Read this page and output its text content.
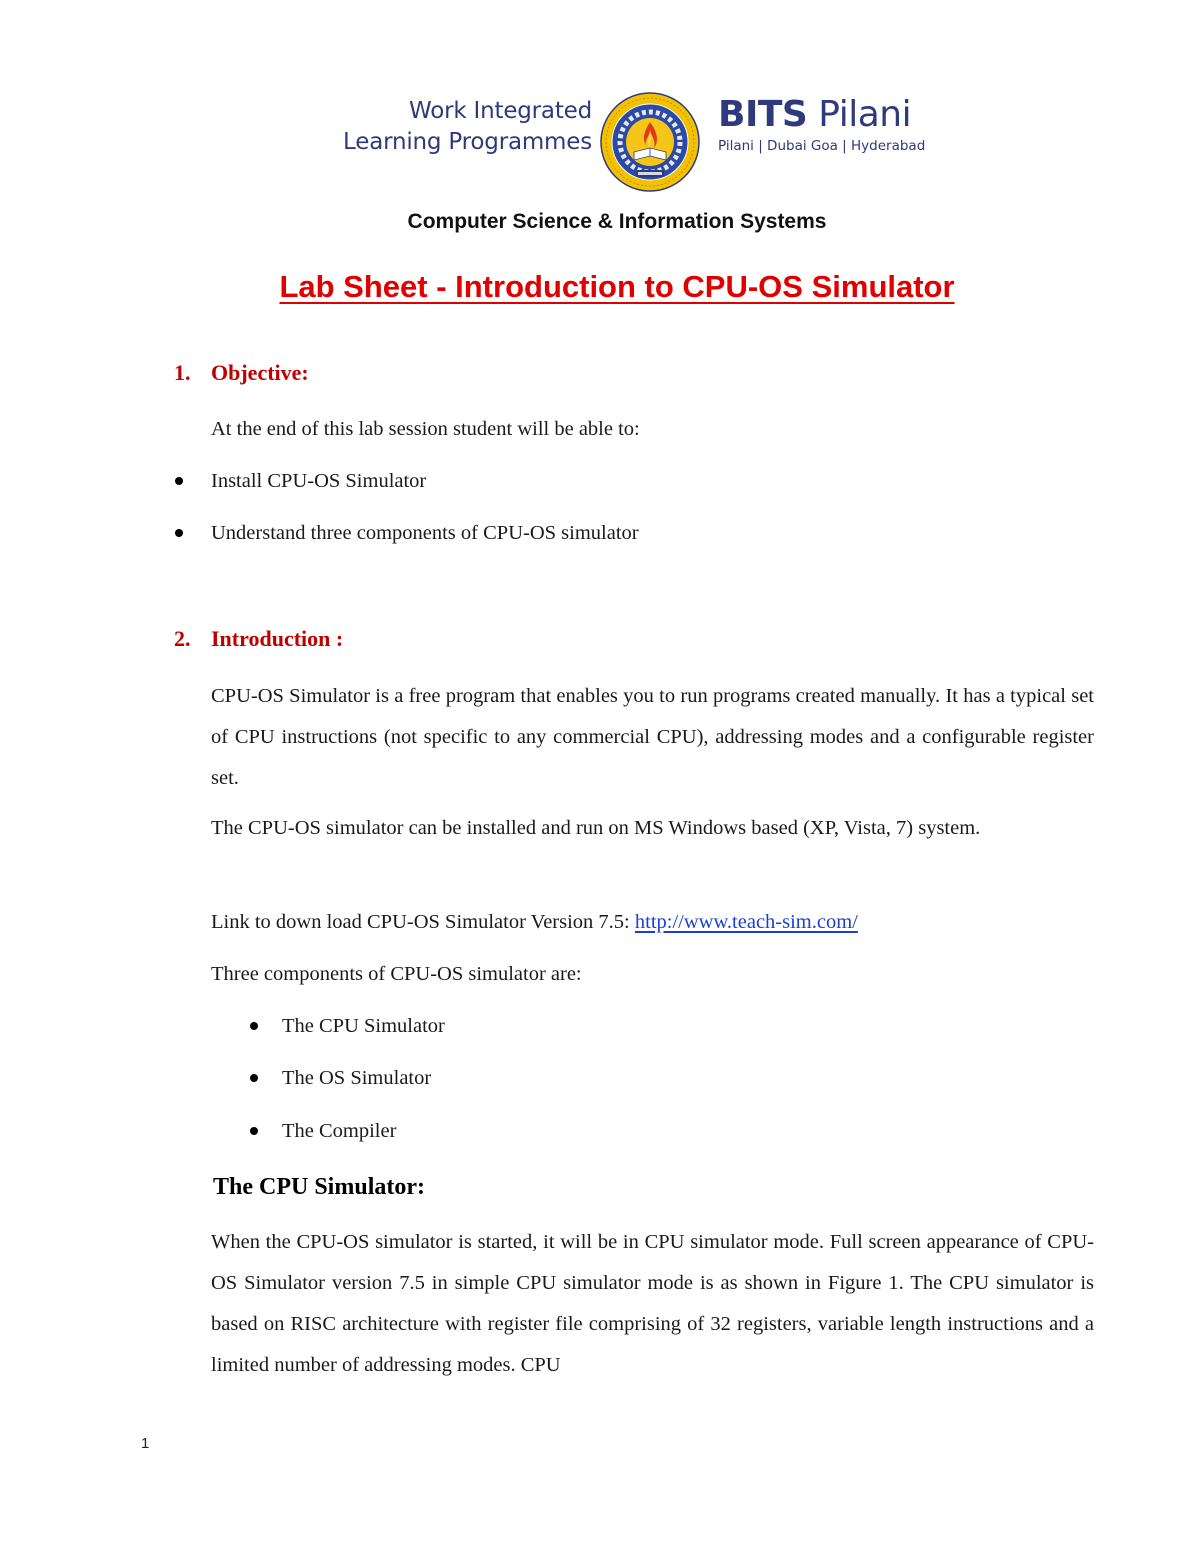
Work Integrated
Learning Programmes
BITS Pilani
Pilani | Dubai Goa | Hyderabad
Computer Science & Information Systems
Lab Sheet - Introduction to CPU-OS Simulator
1. Objective:
At the end of this lab session student will be able to:
Install CPU-OS Simulator
Understand three components of CPU-OS simulator
2. Introduction :
CPU-OS Simulator is a free program that enables you to run programs created manually. It has a typical set of CPU instructions (not specific to any commercial CPU), addressing modes and a configurable register set.
The CPU-OS simulator can be installed and run on MS Windows based (XP, Vista, 7) system.
Link to down load CPU-OS Simulator Version 7.5: http://www.teach-sim.com/
Three components of CPU-OS simulator are:
The CPU Simulator
The OS Simulator
The Compiler
The CPU Simulator:
When the CPU-OS simulator is started, it will be in CPU simulator mode. Full screen appearance of CPU-OS Simulator version 7.5 in simple CPU simulator mode is as shown in Figure 1. The CPU simulator is based on RISC architecture with register file comprising of 32 registers, variable length instructions and a limited number of addressing modes. CPU
1
